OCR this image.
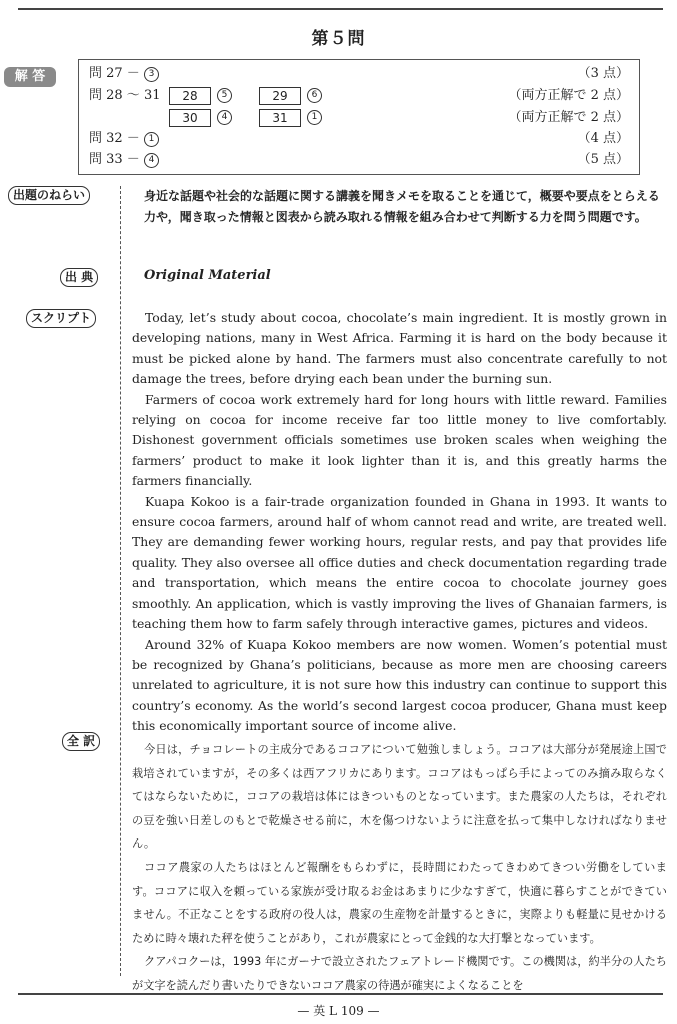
第５問
解 答	問 27 － 3	（3 点）
問 28 ～ 31	28	5	29	6	（両方正解で 2 点）
30	4	31	1	（両方正解で 2 点）
問 32 － 1	（4 点）
問 33 － 4	（5 点）
出題のねらい
出 典
スクリプト
全 訳

身近な話題や社会的な話題に関する講義を聞きメモを取ることを通じて，概要や要点をとらえる力や，聞き取った情報と図表から読み取れる情報を組み合わせて判断する力を問う問題です。

Original Material

Today, let’s study about cocoa, chocolate’s main ingredient. It is mostly grown in developing nations, many in West Africa. Farming it is hard on the body because it must be picked alone by hand. The farmers must also concentrate carefully to not damage the trees, before drying each bean under the burning sun.

Farmers of cocoa work extremely hard for long hours with little reward. Families relying on cocoa for income receive far too little money to live comfortably. Dishonest government officials sometimes use broken scales when weighing the farmers’ product to make it look lighter than it is, and this greatly harms the farmers financially.

Kuapa Kokoo is a fair-trade organization founded in Ghana in 1993. It wants to ensure cocoa farmers, around half of whom cannot read and write, are treated well. They are demanding fewer working hours, regular rests, and pay that provides life quality. They also oversee all office duties and check documentation regarding trade and transportation, which means the entire cocoa to chocolate journey goes smoothly. An application, which is vastly improving the lives of Ghanaian farmers, is teaching them how to farm safely through interactive games, pictures and videos.

Around 32% of Kuapa Kokoo members are now women. Women’s potential must be recognized by Ghana’s politicians, because as more men are choosing careers unrelated to agriculture, it is not sure how this industry can continue to support this country’s economy. As the world’s second largest cocoa producer, Ghana must keep this economically important source of income alive.

今日は，チョコレートの主成分であるココアについて勉強しましょう。ココアは大部分が発展途上国で栽培されていますが，その多くは西アフリカにあります。ココアはもっぱら手によってのみ摘み取らなくてはならないために，ココアの栽培は体にはきついものとなっています。また農家の人たちは，それぞれの豆を強い日差しのもとで乾燥させる前に，木を傷つけないように注意を払って集中しなければなりません。

ココア農家の人たちはほとんど報酬をもらわずに，長時間にわたってきわめてきつい労働をしています。ココアに収入を頼っている家族が受け取るお金はあまりに少なすぎて，快適に暮らすことができていません。不正なことをする政府の役人は，農家の生産物を計量するときに，実際よりも軽量に見せかけるために時々壊れた秤を使うことがあり，これが農家にとって金銭的な大打撃となっています。

クアパコクーは，1993 年にガーナで設立されたフェアトレード機関です。この機関は，約半分の人たちが文字を読んだり書いたりできないココア農家の待遇が確実によくなることを

— 英 L 109 —
